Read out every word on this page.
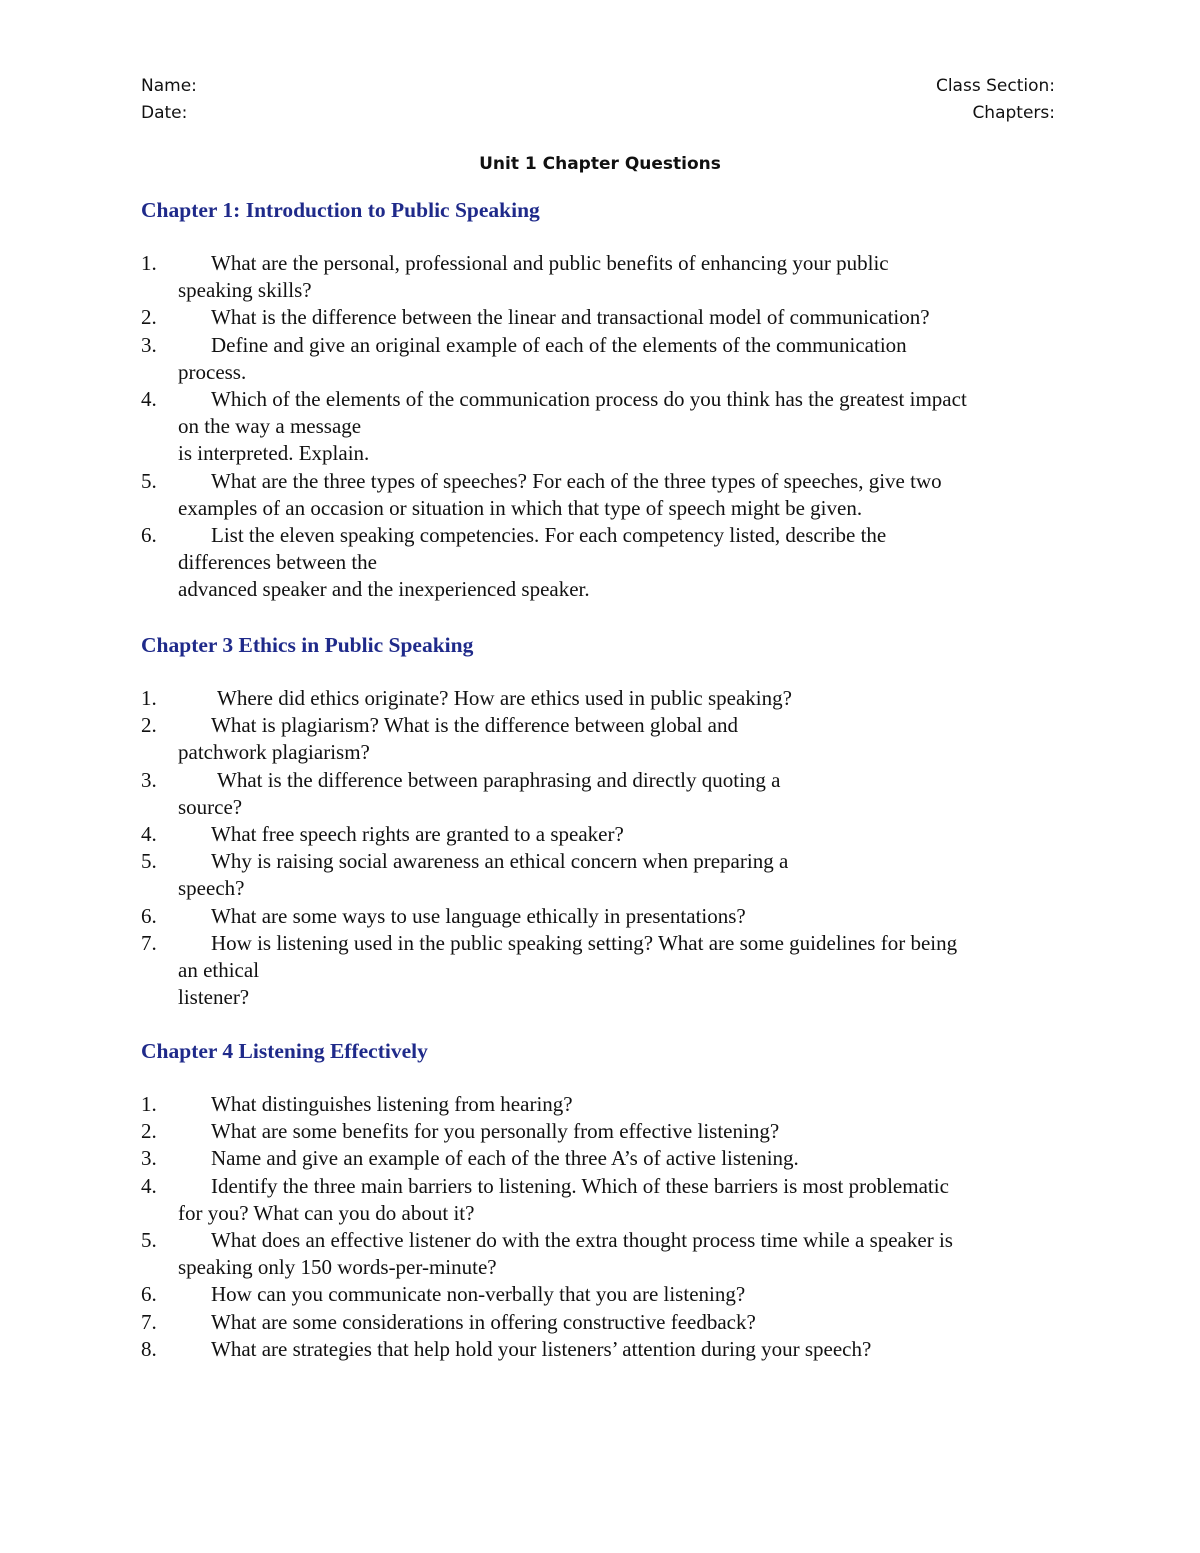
Name:
Date:
Class Section:
Chapters:
Unit 1 Chapter Questions
Chapter 1: Introduction to Public Speaking
1.	What are the personal, professional and public benefits of enhancing your public
speaking skills?
2.	What is the difference between the linear and transactional model of communication?
3.	Define and give an original example of each of the elements of the communication
process.
4.	Which of the elements of the communication process do you think has the greatest impact
on the way a message
is interpreted. Explain.
5.	What are the three types of speeches? For each of the three types of speeches, give two
examples of an occasion or situation in which that type of speech might be given.
6.	List the eleven speaking competencies. For each competency listed, describe the
differences between the
advanced speaker and the inexperienced speaker.
Chapter 3 Ethics in Public Speaking
1.	Where did ethics originate? How are ethics used in public speaking?
2.	What is plagiarism? What is the difference between global and
patchwork plagiarism?
3.	What is the difference between paraphrasing and directly quoting a
source?
4.	What free speech rights are granted to a speaker?
5.	Why is raising social awareness an ethical concern when preparing a
speech?
6.	What are some ways to use language ethically in presentations?
7.	How is listening used in the public speaking setting? What are some guidelines for being
an ethical
listener?
Chapter 4 Listening Effectively
1.	What distinguishes listening from hearing?
2.	What are some benefits for you personally from effective listening?
3.	Name and give an example of each of the three A’s of active listening.
4.	Identify the three main barriers to listening. Which of these barriers is most problematic
for you? What can you do about it?
5.	What does an effective listener do with the extra thought process time while a speaker is
speaking only 150 words-per-minute?
6.	How can you communicate non-verbally that you are listening?
7.	What are some considerations in offering constructive feedback?
8.	What are strategies that help hold your listeners’ attention during your speech?
